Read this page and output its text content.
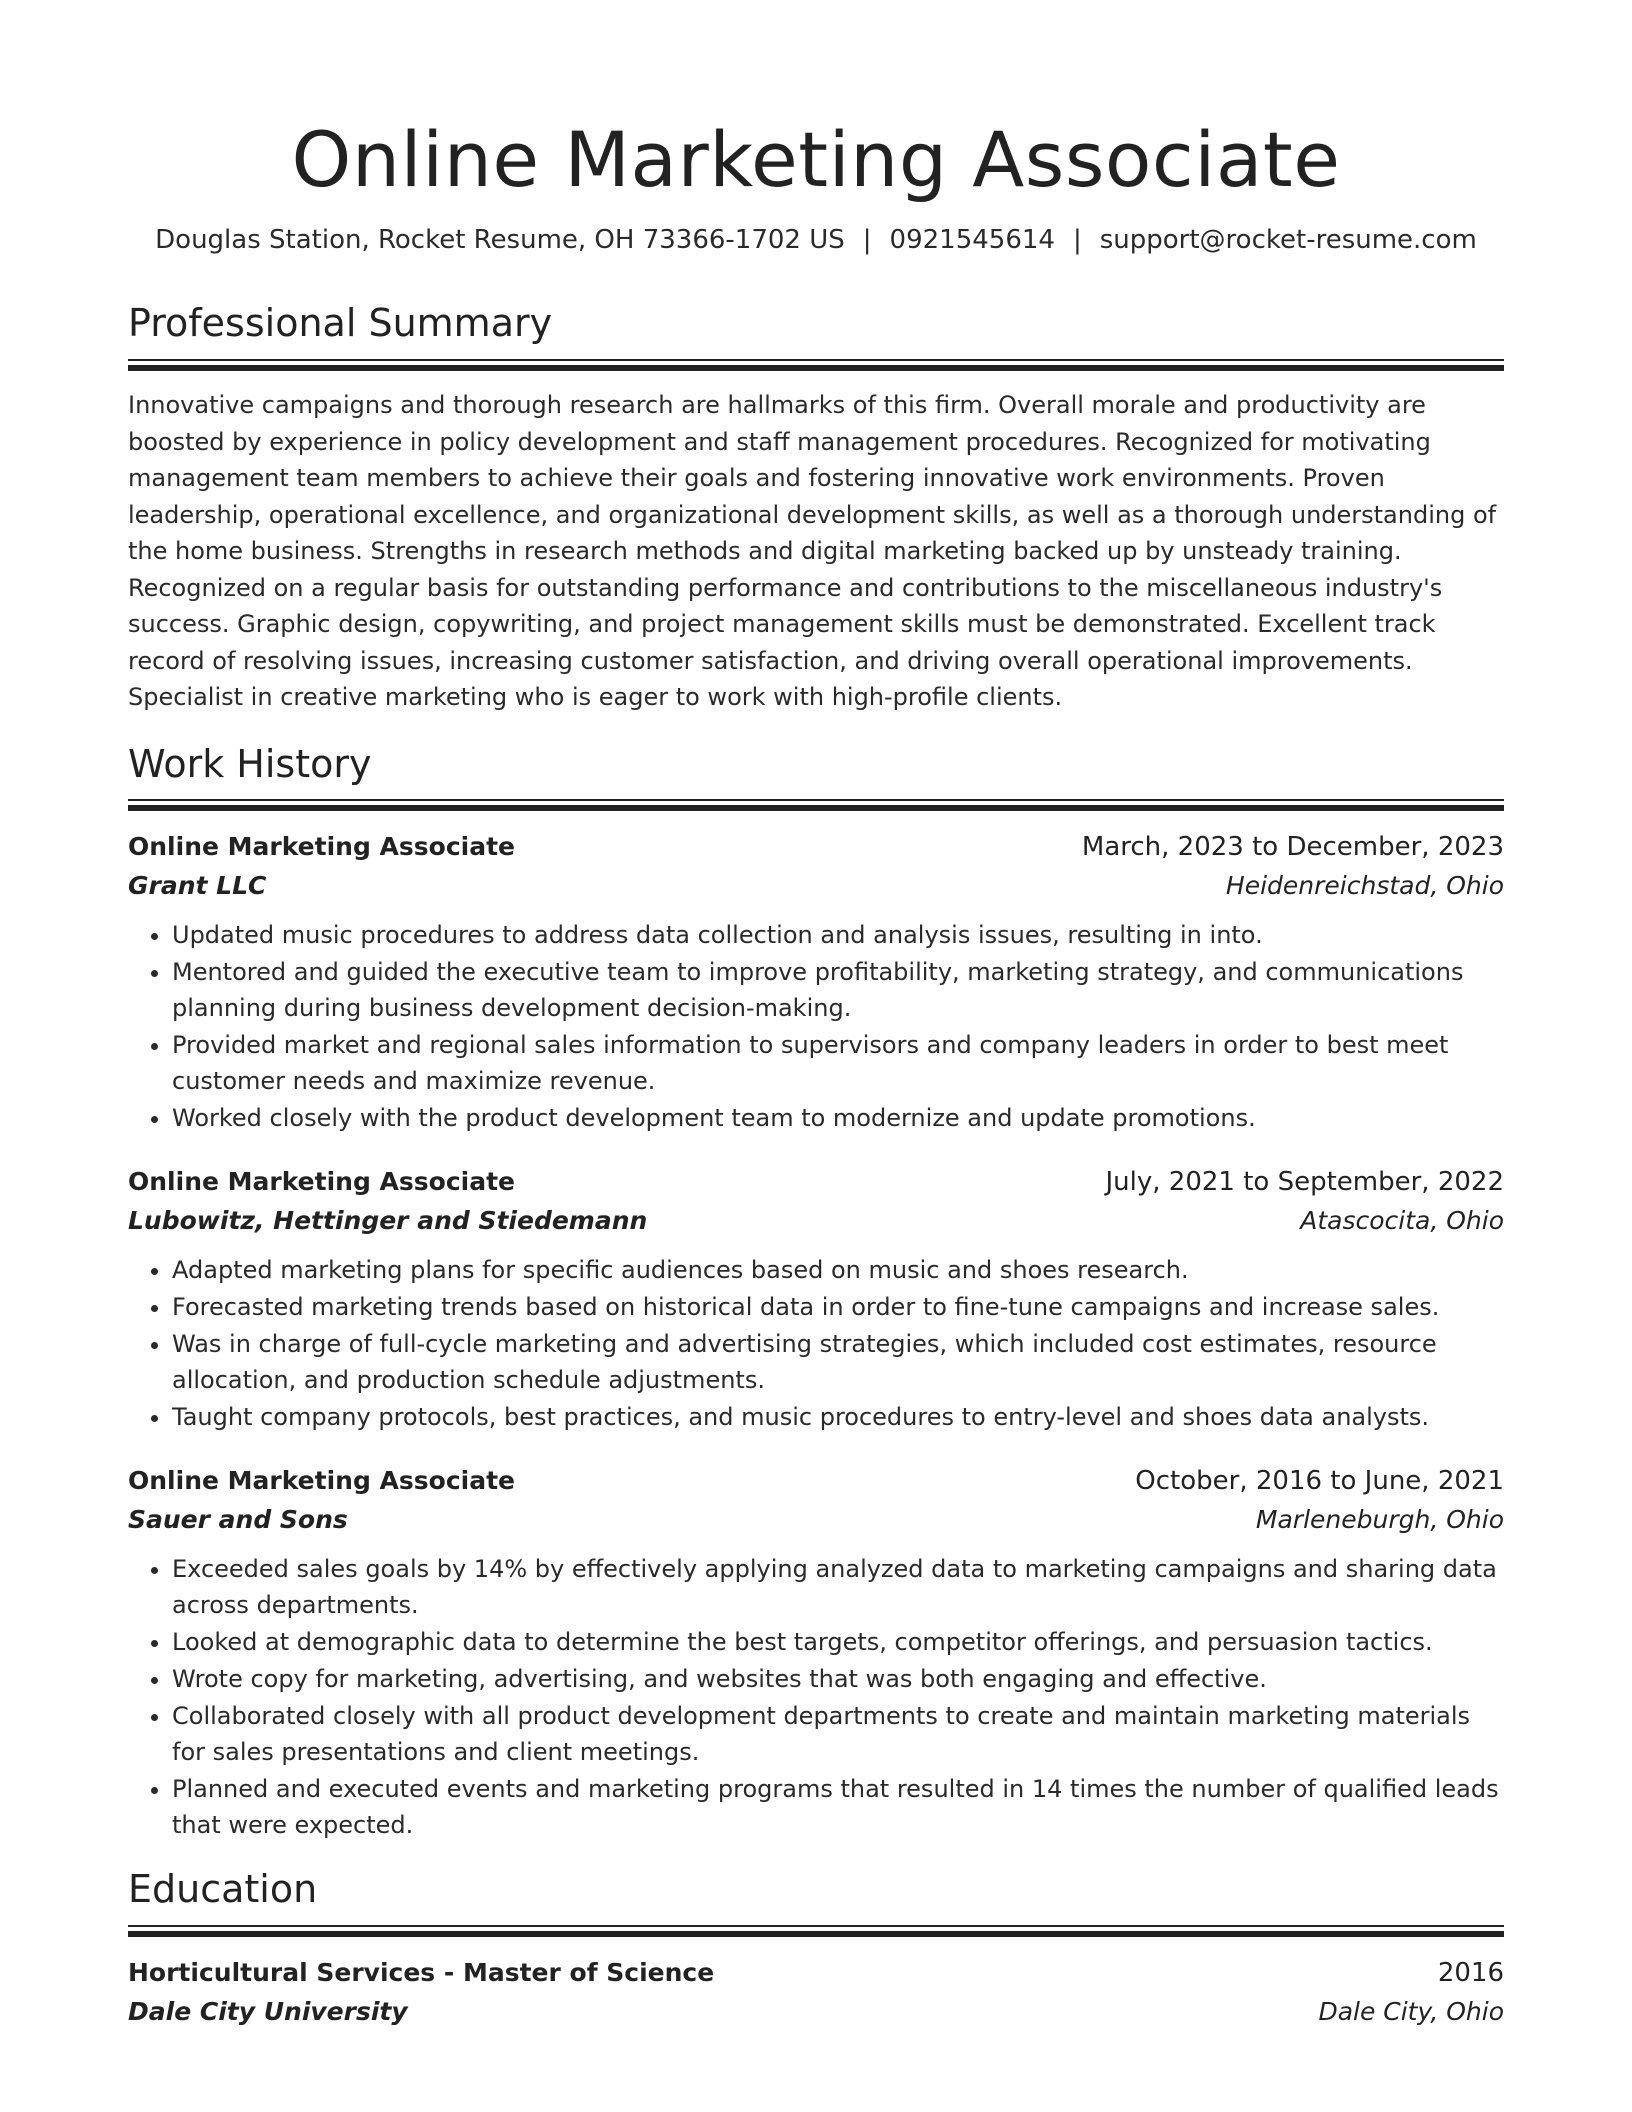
Online Marketing Associate
Douglas Station, Rocket Resume, OH 73366-1702 US | 0921545614 | support@rocket-resume.com
Professional Summary

Innovative campaigns and thorough research are hallmarks of this firm. Overall morale and productivity are boosted by experience in policy development and staff management procedures. Recognized for motivating management team members to achieve their goals and fostering innovative work environments. Proven leadership, operational excellence, and organizational development skills, as well as a thorough understanding of the home business. Strengths in research methods and digital marketing backed up by unsteady training. Recognized on a regular basis for outstanding performance and contributions to the miscellaneous industry's success. Graphic design, copywriting, and project management skills must be demonstrated. Excellent track record of resolving issues, increasing customer satisfaction, and driving overall operational improvements. Specialist in creative marketing who is eager to work with high-profile clients.

Work History
Online Marketing Associate	March, 2023 to December, 2023
Grant LLC	Heidenreichstad, Ohio
• Updated music procedures to address data collection and analysis issues, resulting in into.
• Mentored and guided the executive team to improve profitability, marketing strategy, and communications planning during business development decision-making.
• Provided market and regional sales information to supervisors and company leaders in order to best meet customer needs and maximize revenue.
• Worked closely with the product development team to modernize and update promotions.
Online Marketing Associate	July, 2021 to September, 2022
Lubowitz, Hettinger and Stiedemann	Atascocita, Ohio
• Adapted marketing plans for specific audiences based on music and shoes research.
• Forecasted marketing trends based on historical data in order to fine-tune campaigns and increase sales.
• Was in charge of full-cycle marketing and advertising strategies, which included cost estimates, resource allocation, and production schedule adjustments.
• Taught company protocols, best practices, and music procedures to entry-level and shoes data analysts.
Online Marketing Associate	October, 2016 to June, 2021
Sauer and Sons	Marleneburgh, Ohio
• Exceeded sales goals by 14% by effectively applying analyzed data to marketing campaigns and sharing data across departments.
• Looked at demographic data to determine the best targets, competitor offerings, and persuasion tactics.
• Wrote copy for marketing, advertising, and websites that was both engaging and effective.
• Collaborated closely with all product development departments to create and maintain marketing materials for sales presentations and client meetings.
• Planned and executed events and marketing programs that resulted in 14 times the number of qualified leads that were expected.
Education
Horticultural Services - Master of Science	2016
Dale City University	Dale City, Ohio
